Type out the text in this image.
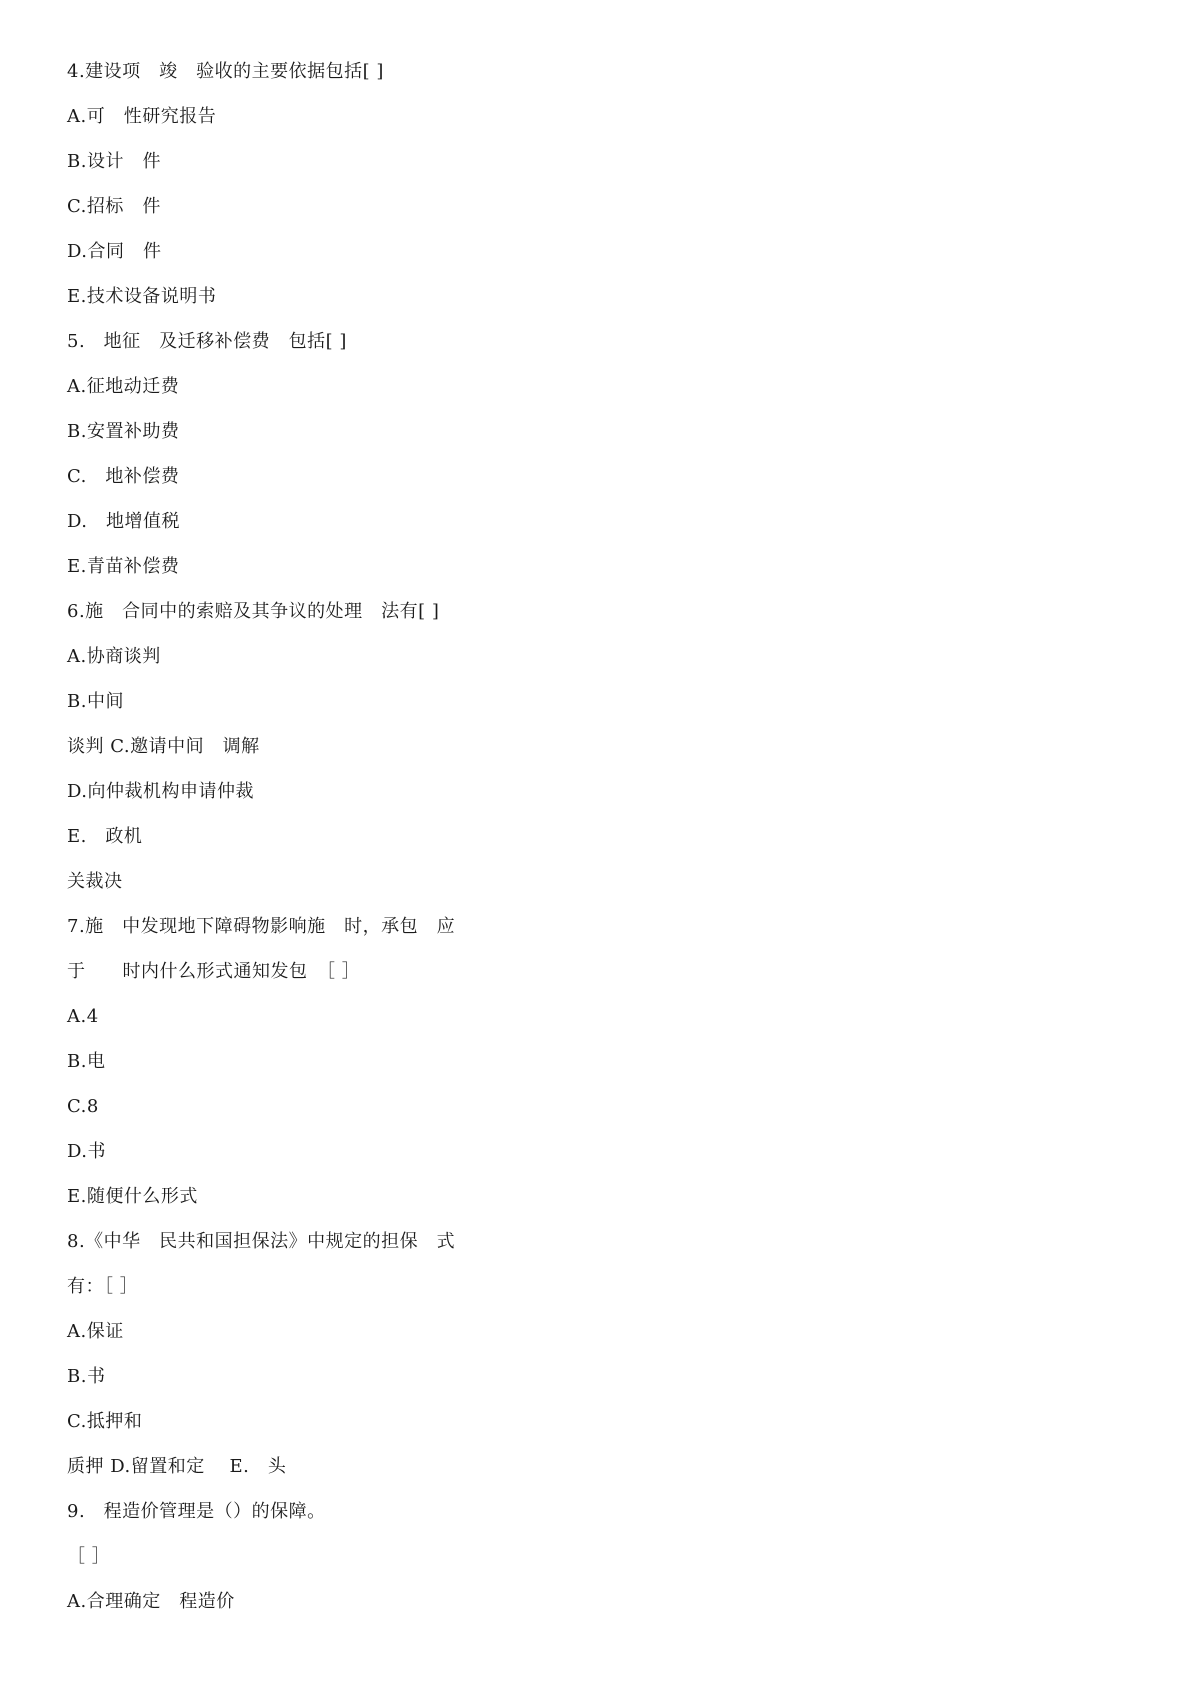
4.建设项　竣　验收的主要依据包括[ ]
A.可　性研究报告
B.设计　件
C.招标　件
D.合同　件
E.技术设备说明书
5.　地征　及迁移补偿费　包括[ ]
A.征地动迁费
B.安置补助费
C.　地补偿费
D.　地增值税
E.青苗补偿费
6.施　合同中的索赔及其争议的处理　法有[ ]
A.协商谈判
B.中间
谈判 C.邀请中间　调解
D.向仲裁机构申请仲裁
E.　政机
关裁决
7.施　中发现地下障碍物影响施　时，承包　应
于　　时内什么形式通知发包　［ ］
A.4
B.电
C.8
D.书
E.随便什么形式
8.《中华　民共和国担保法》中规定的担保　式
有：［ ］
A.保证
B.书
C.抵押和
质押 D.留置和定　 E.　头
9.　程造价管理是（）的保障。
［ ］
A.合理确定　程造价
